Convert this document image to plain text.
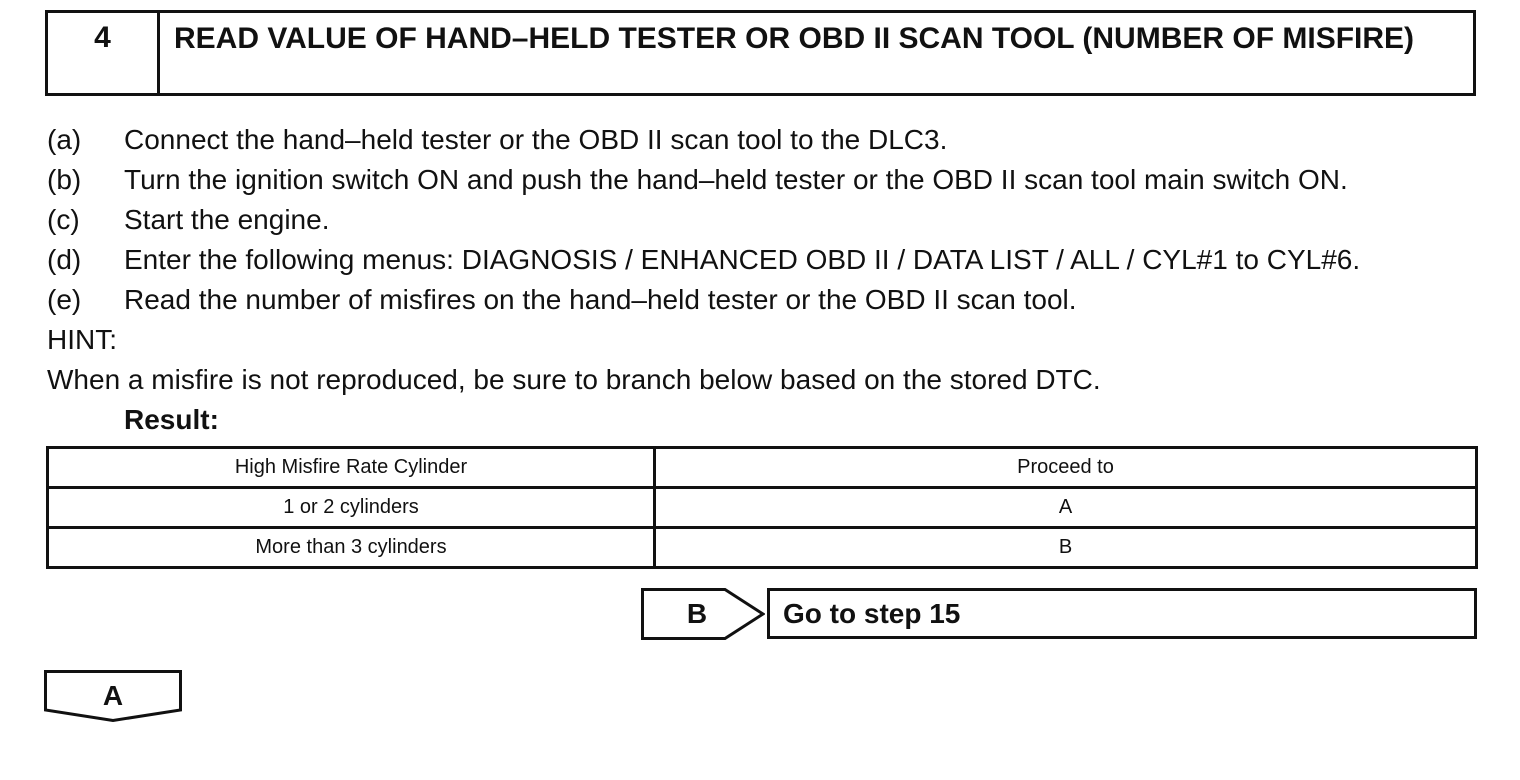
4	READ VALUE OF HAND–HELD TESTER OR OBD II SCAN TOOL (NUMBER OF MISFIRE)
(a)	Connect the hand–held tester or the OBD II scan tool to the DLC3.
(b)	Turn the ignition switch ON and push the hand–held tester or the OBD II scan tool main switch ON.
(c)	Start the engine.
(d)	Enter the following menus: DIAGNOSIS / ENHANCED OBD II / DATA LIST / ALL / CYL#1 to CYL#6.
(e)	Read the number of misfires on the hand–held tester or the OBD II scan tool.
HINT:
When a misfire is not reproduced, be sure to branch below based on the stored DTC.
Result:
High Misfire Rate Cylinder	Proceed to
1 or 2 cylinders	A
More than 3 cylinders	B
B	Go to step 15
A
